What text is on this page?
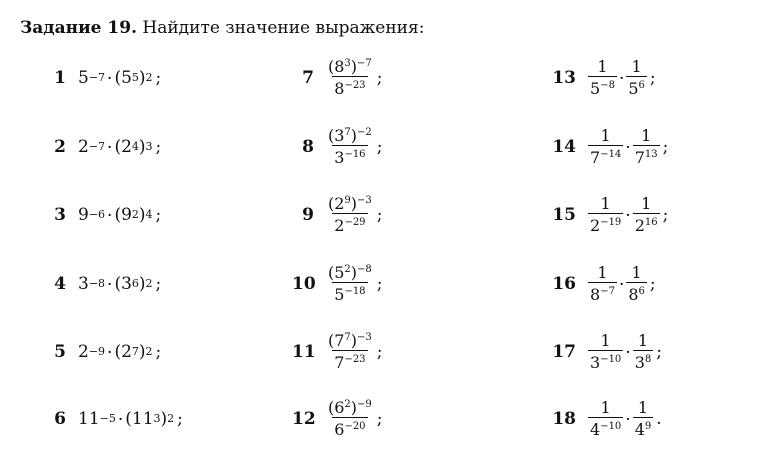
Задание 19. Найдите значение выражения:
1 5 −7 · (5 5 ) 2 ;
2 2 −7 · (2 4 ) 3 ;
3 9 −6 · (9 2 ) 4 ;
4 3 −8 · (3 6 ) 2 ;
5 2 −9 · (2 7 ) 2 ;
6 11 −5 · (11 3 ) 2 ;
$7 \frac{(8^3)^{-7}}{8^{-23}}$ ;
$8 \frac{(3^7)^{-2}}{3^{-16}}$ ;
$9 \frac{(2^9)^{-3}}{2^{-29}}$ ;
$10 \frac{(5^2)^{-8}}{5^{-18}}$ ;
$11 \frac{(7^7)^{-3}}{7^{-23}}$ ;
$12 \frac{(6^2)^{-9}}{6^{-20}}$ ;
$13 \frac{1}{5^{-8}} \cdot \frac{1}{5^6}$ ;
$14 \frac{1}{7^{-14}} \cdot \frac{1}{7^{13}}$ ;
$15 \frac{1}{2^{-19}} \cdot \frac{1}{2^{16}}$ ;
$16 \frac{1}{8^{-7}} \cdot \frac{1}{8^6}$ ;
$17 \frac{1}{3^{-10}} \cdot \frac{1}{3^8}$ ;
$18 \frac{1}{4^{-10}} \cdot \frac{1}{4^9}$ .
